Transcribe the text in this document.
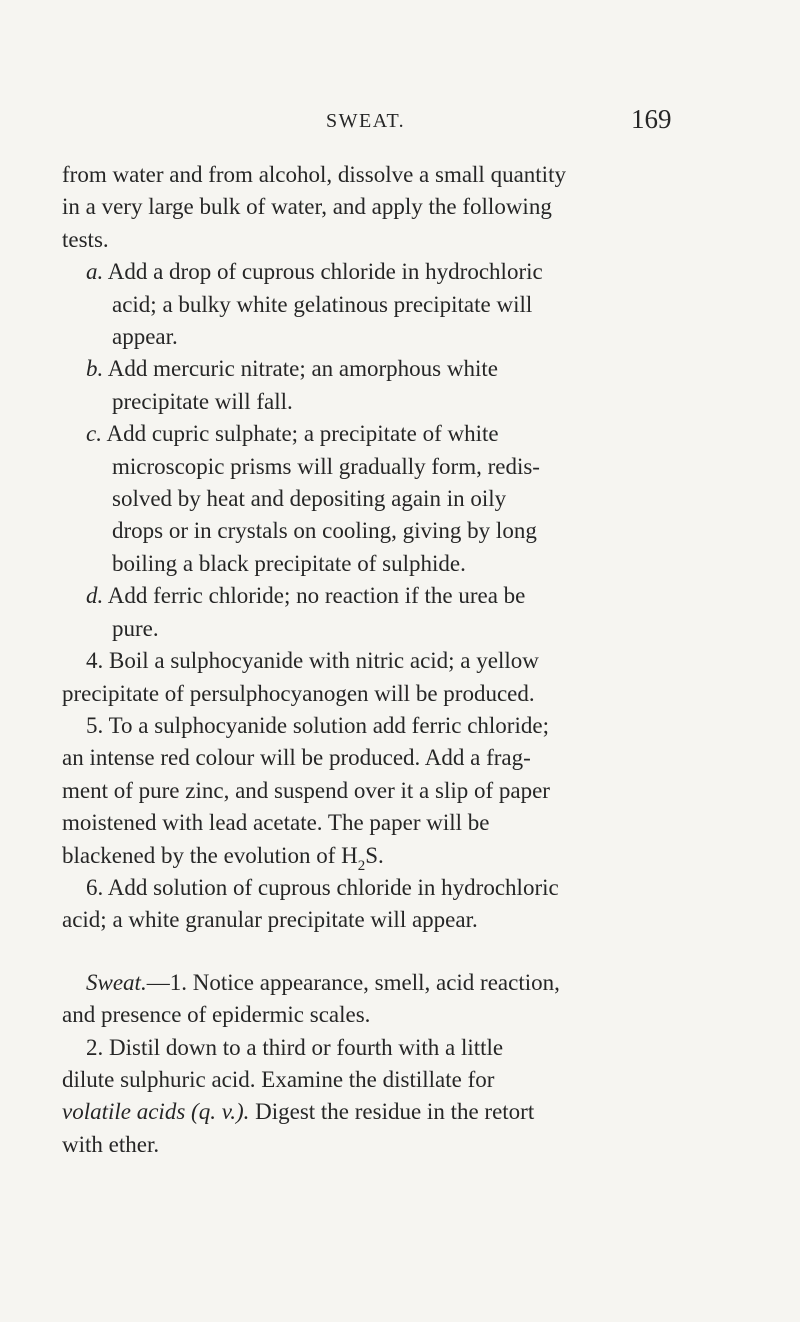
SWEAT.	169
from water and from alcohol, dissolve a small quantity
in a very large bulk of water, and apply the following
tests.
a. Add a drop of cuprous chloride in hydrochloric
acid; a bulky white gelatinous precipitate will
appear.
b. Add mercuric nitrate; an amorphous white
precipitate will fall.
c. Add cupric sulphate; a precipitate of white
microscopic prisms will gradually form, redis-
solved by heat and depositing again in oily
drops or in crystals on cooling, giving by long
boiling a black precipitate of sulphide.
d. Add ferric chloride; no reaction if the urea be
pure.
4. Boil a sulphocyanide with nitric acid; a yellow
precipitate of persulphocyanogen will be produced.
5. To a sulphocyanide solution add ferric chloride;
an intense red colour will be produced. Add a frag-
ment of pure zinc, and suspend over it a slip of paper
moistened with lead acetate. The paper will be
blackened by the evolution of $H_2S$.
6. Add solution of cuprous chloride in hydrochloric
acid; a white granular precipitate will appear.
Sweat.—1. Notice appearance, smell, acid reaction,
and presence of epidermic scales.
2. Distil down to a third or fourth with a little
dilute sulphuric acid. Examine the distillate for
volatile acids (q. v.). Digest the residue in the retort
with ether.
